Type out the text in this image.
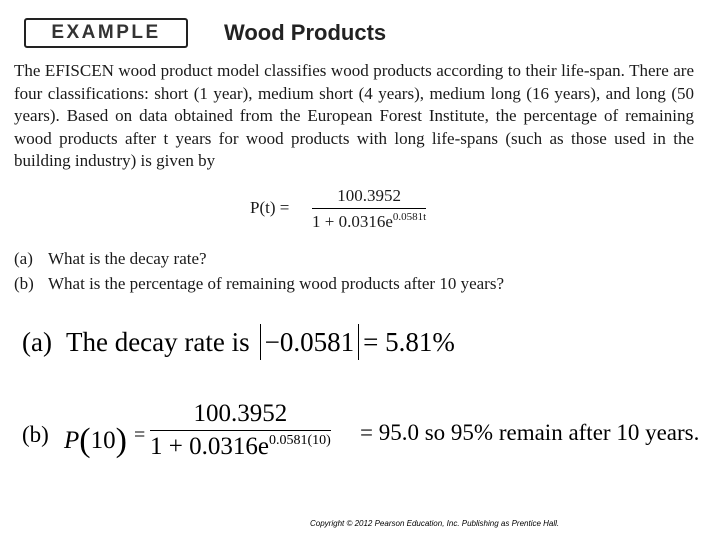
EXAMPLE	Wood Products

The EFISCEN wood product model classifies wood products according to their life-span. There are four classifications: short (1 year), medium short (4 years), medium long (16 years), and long (50 years). Based on data obtained from the European Forest Institute, the percentage of remaining wood products after t years for wood products with long life-spans (such as those used in the building industry) is given by

P(t) =
100.3952
$1 + 0.0316e^{0.0581t}$
(a) What is the decay rate?
(b) What is the percentage of remaining wood products after 10 years?
(a) The decay rate is −0.0581 = 5.81%
(b) P(10) =
100.3952
$1 + 0.0316e^{0.0581(10)} = 95.0$ so 95% remain after 10 years.
Copyright © 2012 Pearson Education, Inc. Publishing as Prentice Hall.
